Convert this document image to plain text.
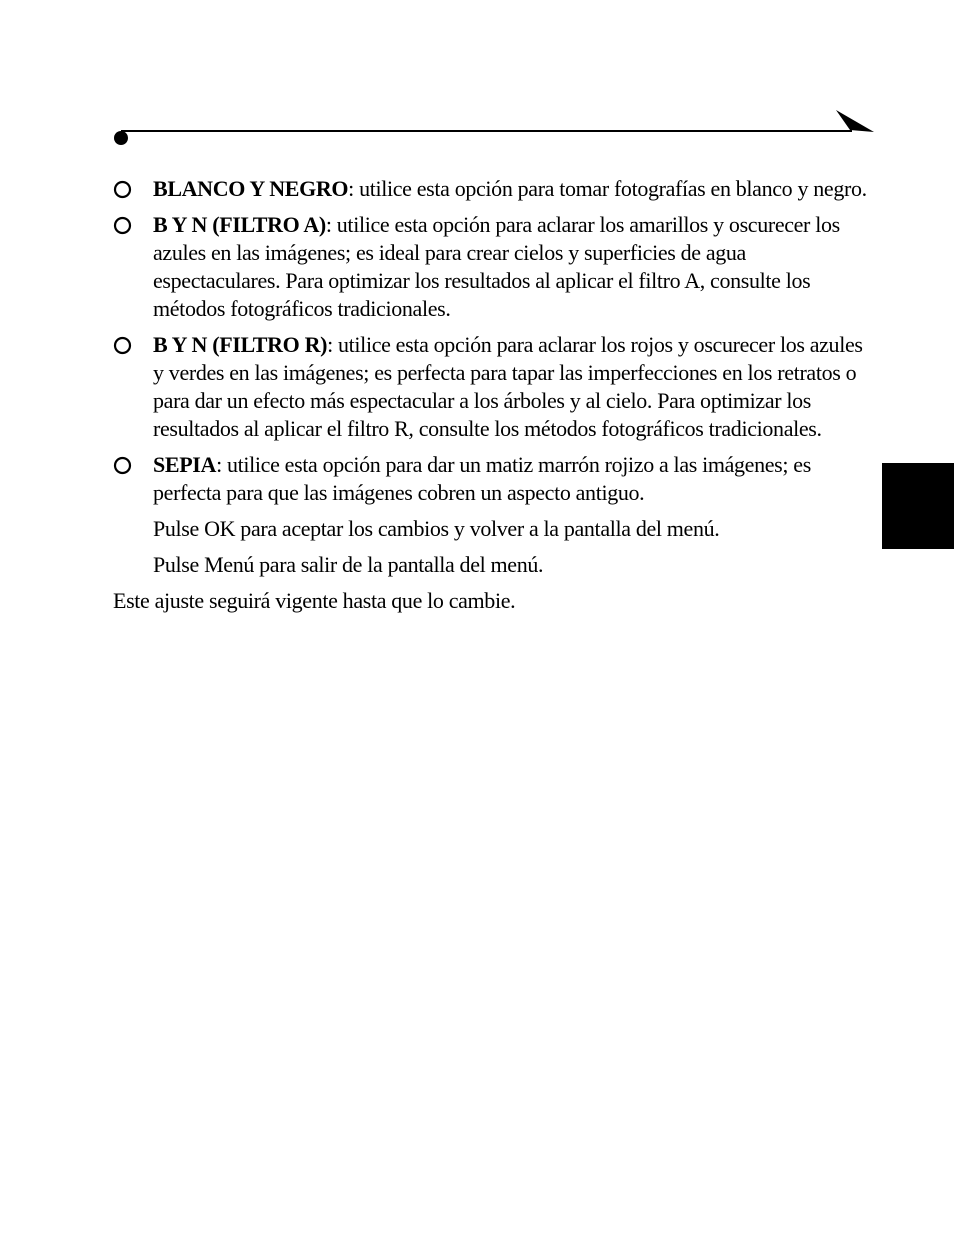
BLANCO Y NEGRO: utilice esta opción para tomar fotografías en blanco y negro.
B Y N (FILTRO A): utilice esta opción para aclarar los amarillos y oscurecer los azules en las imágenes; es ideal para crear cielos y superficies de agua espectaculares. Para optimizar los resultados al aplicar el filtro A, consulte los métodos fotográficos tradicionales.
B Y N (FILTRO R): utilice esta opción para aclarar los rojos y oscurecer los azules y verdes en las imágenes; es perfecta para tapar las imperfecciones en los retratos o para dar un efecto más espectacular a los árboles y al cielo. Para optimizar los resultados al aplicar el filtro R, consulte los métodos fotográficos tradicionales.
SEPIA: utilice esta opción para dar un matiz marrón rojizo a las imágenes; es perfecta para que las imágenes cobren un aspecto antiguo.
Pulse OK para aceptar los cambios y volver a la pantalla del menú.
Pulse Menú para salir de la pantalla del menú.
Este ajuste seguirá vigente hasta que lo cambie.
